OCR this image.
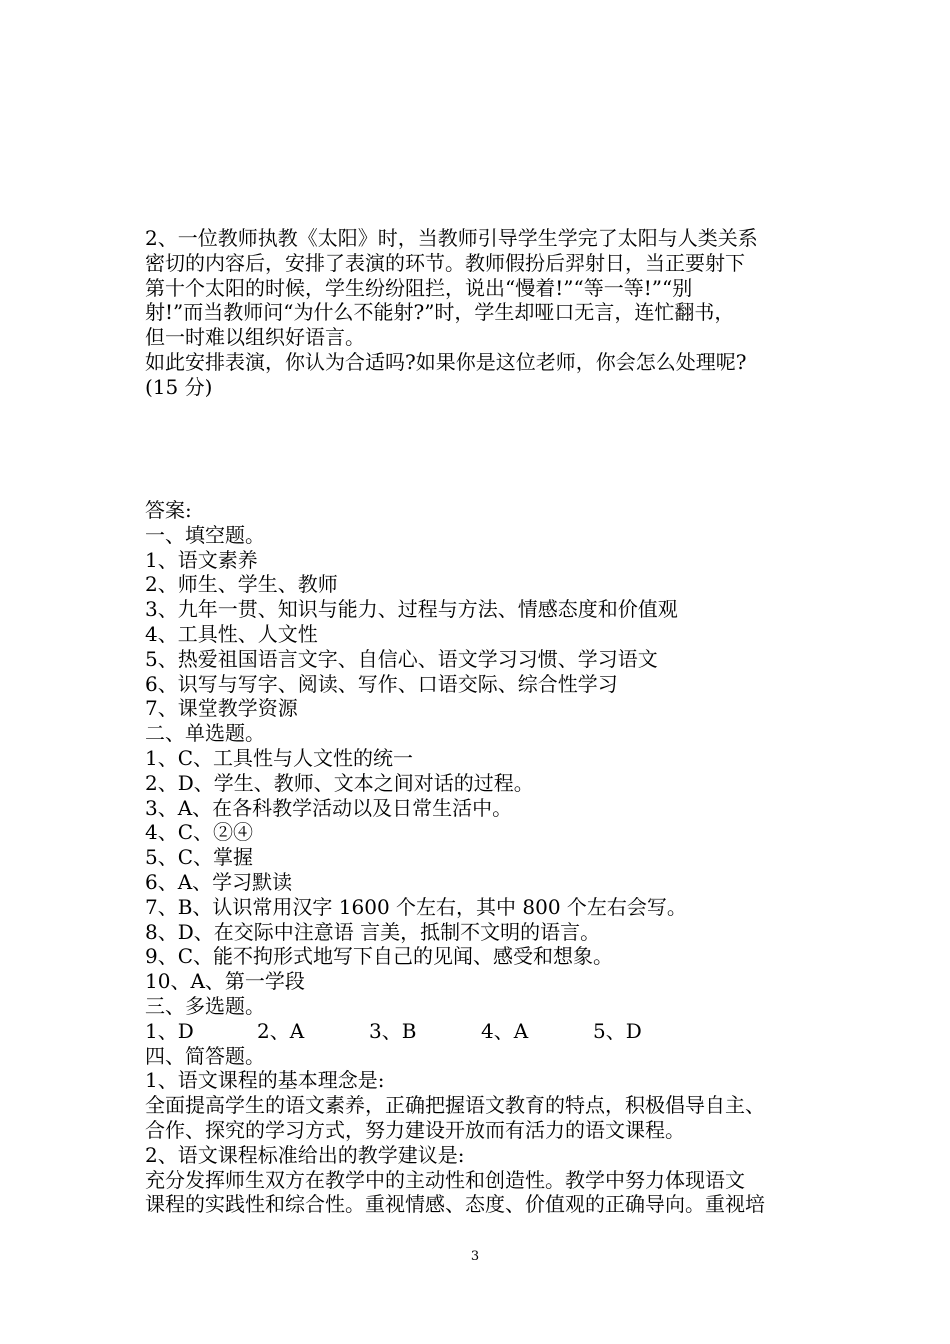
2、一位教师执教《太阳》时，当教师引导学生学完了太阳与人类关系
密切的内容后，安排了表演的环节。教师假扮后羿射日，当正要射下
第十个太阳的时候，学生纷纷阻拦，说出“慢着!”“等一等!”“别
射!”而当教师问“为什么不能射?”时，学生却哑口无言，连忙翻书，
但一时难以组织好语言。
如此安排表演，你认为合适吗?如果你是这位老师，你会怎么处理呢?
(15 分)
答案:
一、填空题。
1、语文素养
2、师生、学生、教师
3、九年一贯、知识与能力、过程与方法、情感态度和价值观
4、工具性、人文性
5、热爱祖国语言文字、自信心、语文学习习惯、学习语文
6、识写与写字、阅读、写作、口语交际、综合性学习
7、课堂教学资源
二、单选题。
1、C、工具性与人文性的统一
2、D、学生、教师、文本之间对话的过程。
3、A、在各科教学活动以及日常生活中。
4、C、②④
5、C、掌握
6、A、学习默读
7、B、认识常用汉字 1600 个左右，其中 800 个左右会写。
8、D、在交际中注意语 言美，抵制不文明的语言。
9、C、能不拘形式地写下自己的见闻、感受和想象。
10、A、第一学段
三、多选题。
1、D	2、A	3、B	4、A	5、D
四、简答题。
1、语文课程的基本理念是:
全面提高学生的语文素养，正确把握语文教育的特点，积极倡导自主、
合作、探究的学习方式，努力建设开放而有活力的语文课程。
2、语文课程标准给出的教学建议是:
充分发挥师生双方在教学中的主动性和创造性。教学中努力体现语文
课程的实践性和综合性。重视情感、态度、价值观的正确导向。重视培
3
